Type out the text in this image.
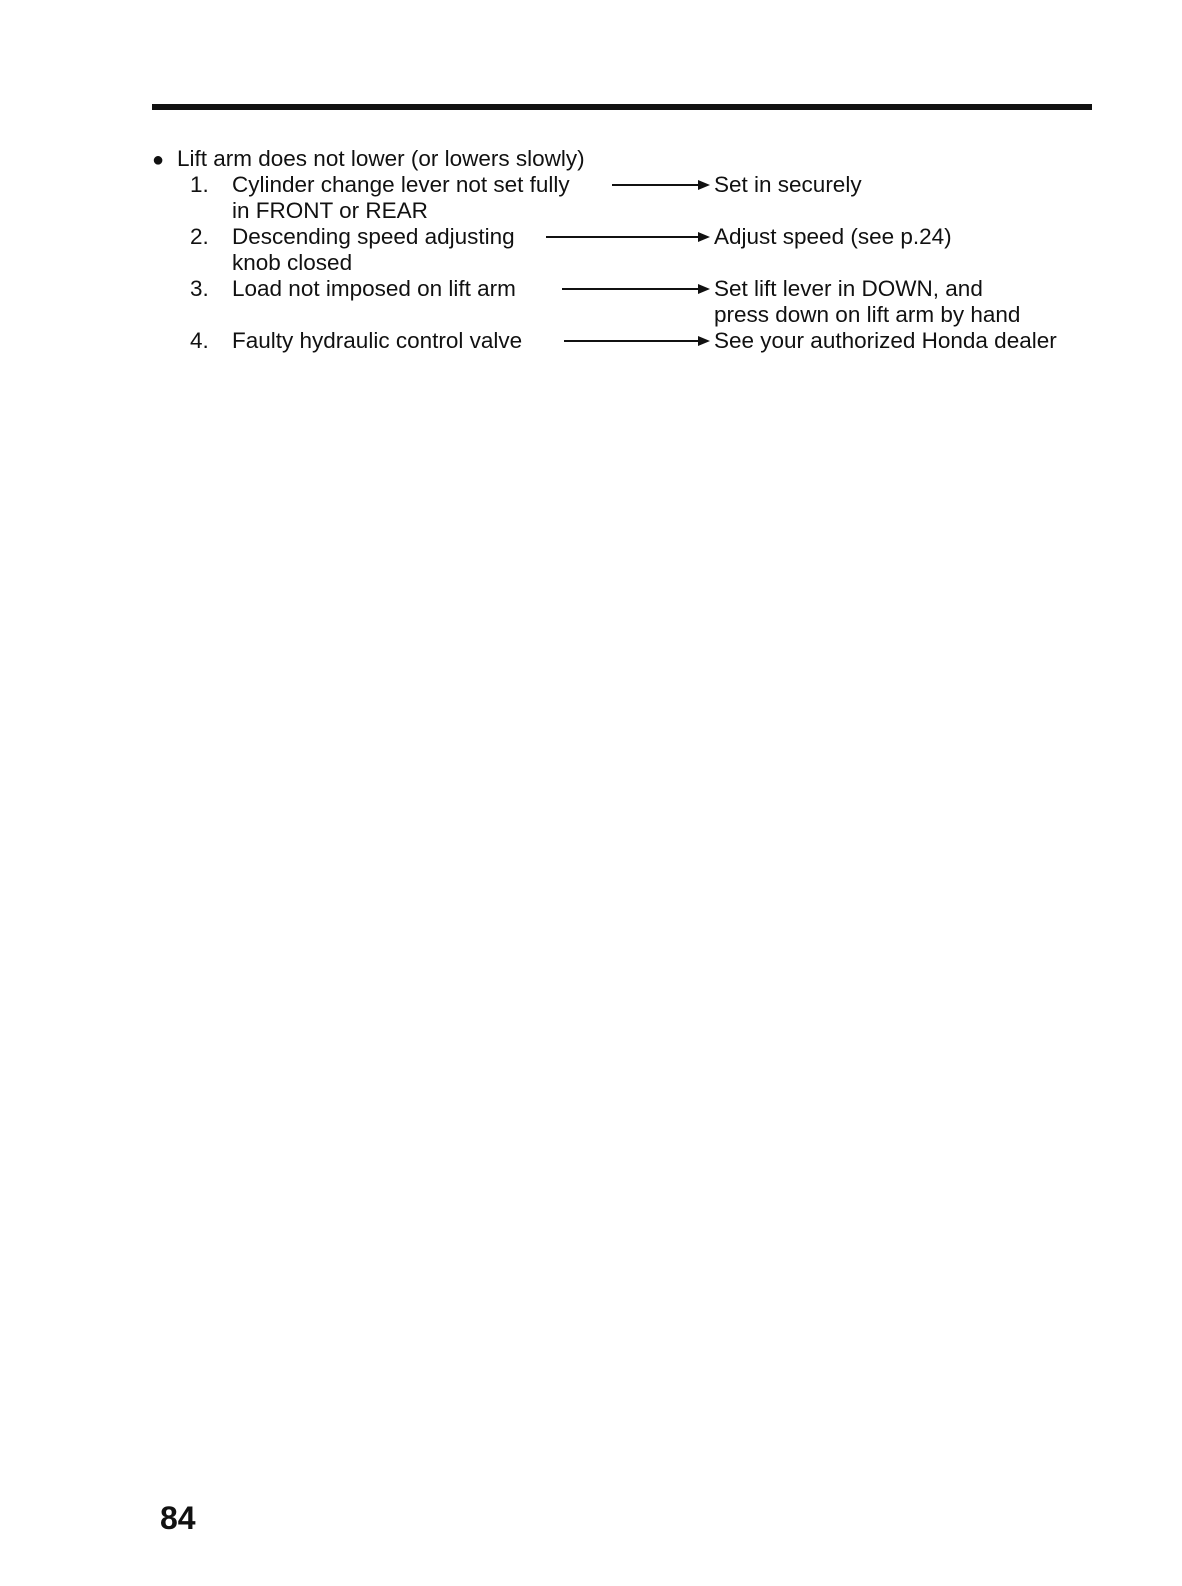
● Lift arm does not lower (or lowers slowly)
1. Cylinder change lever not set fully
in FRONT or REAR
Set in securely
2. Descending speed adjusting
knob closed
Adjust speed (see p.24)
3. Load not imposed on lift arm	Set lift lever in DOWN, and
press down on lift arm by hand
4. Faulty hydraulic control valve	See your authorized Honda dealer
84
